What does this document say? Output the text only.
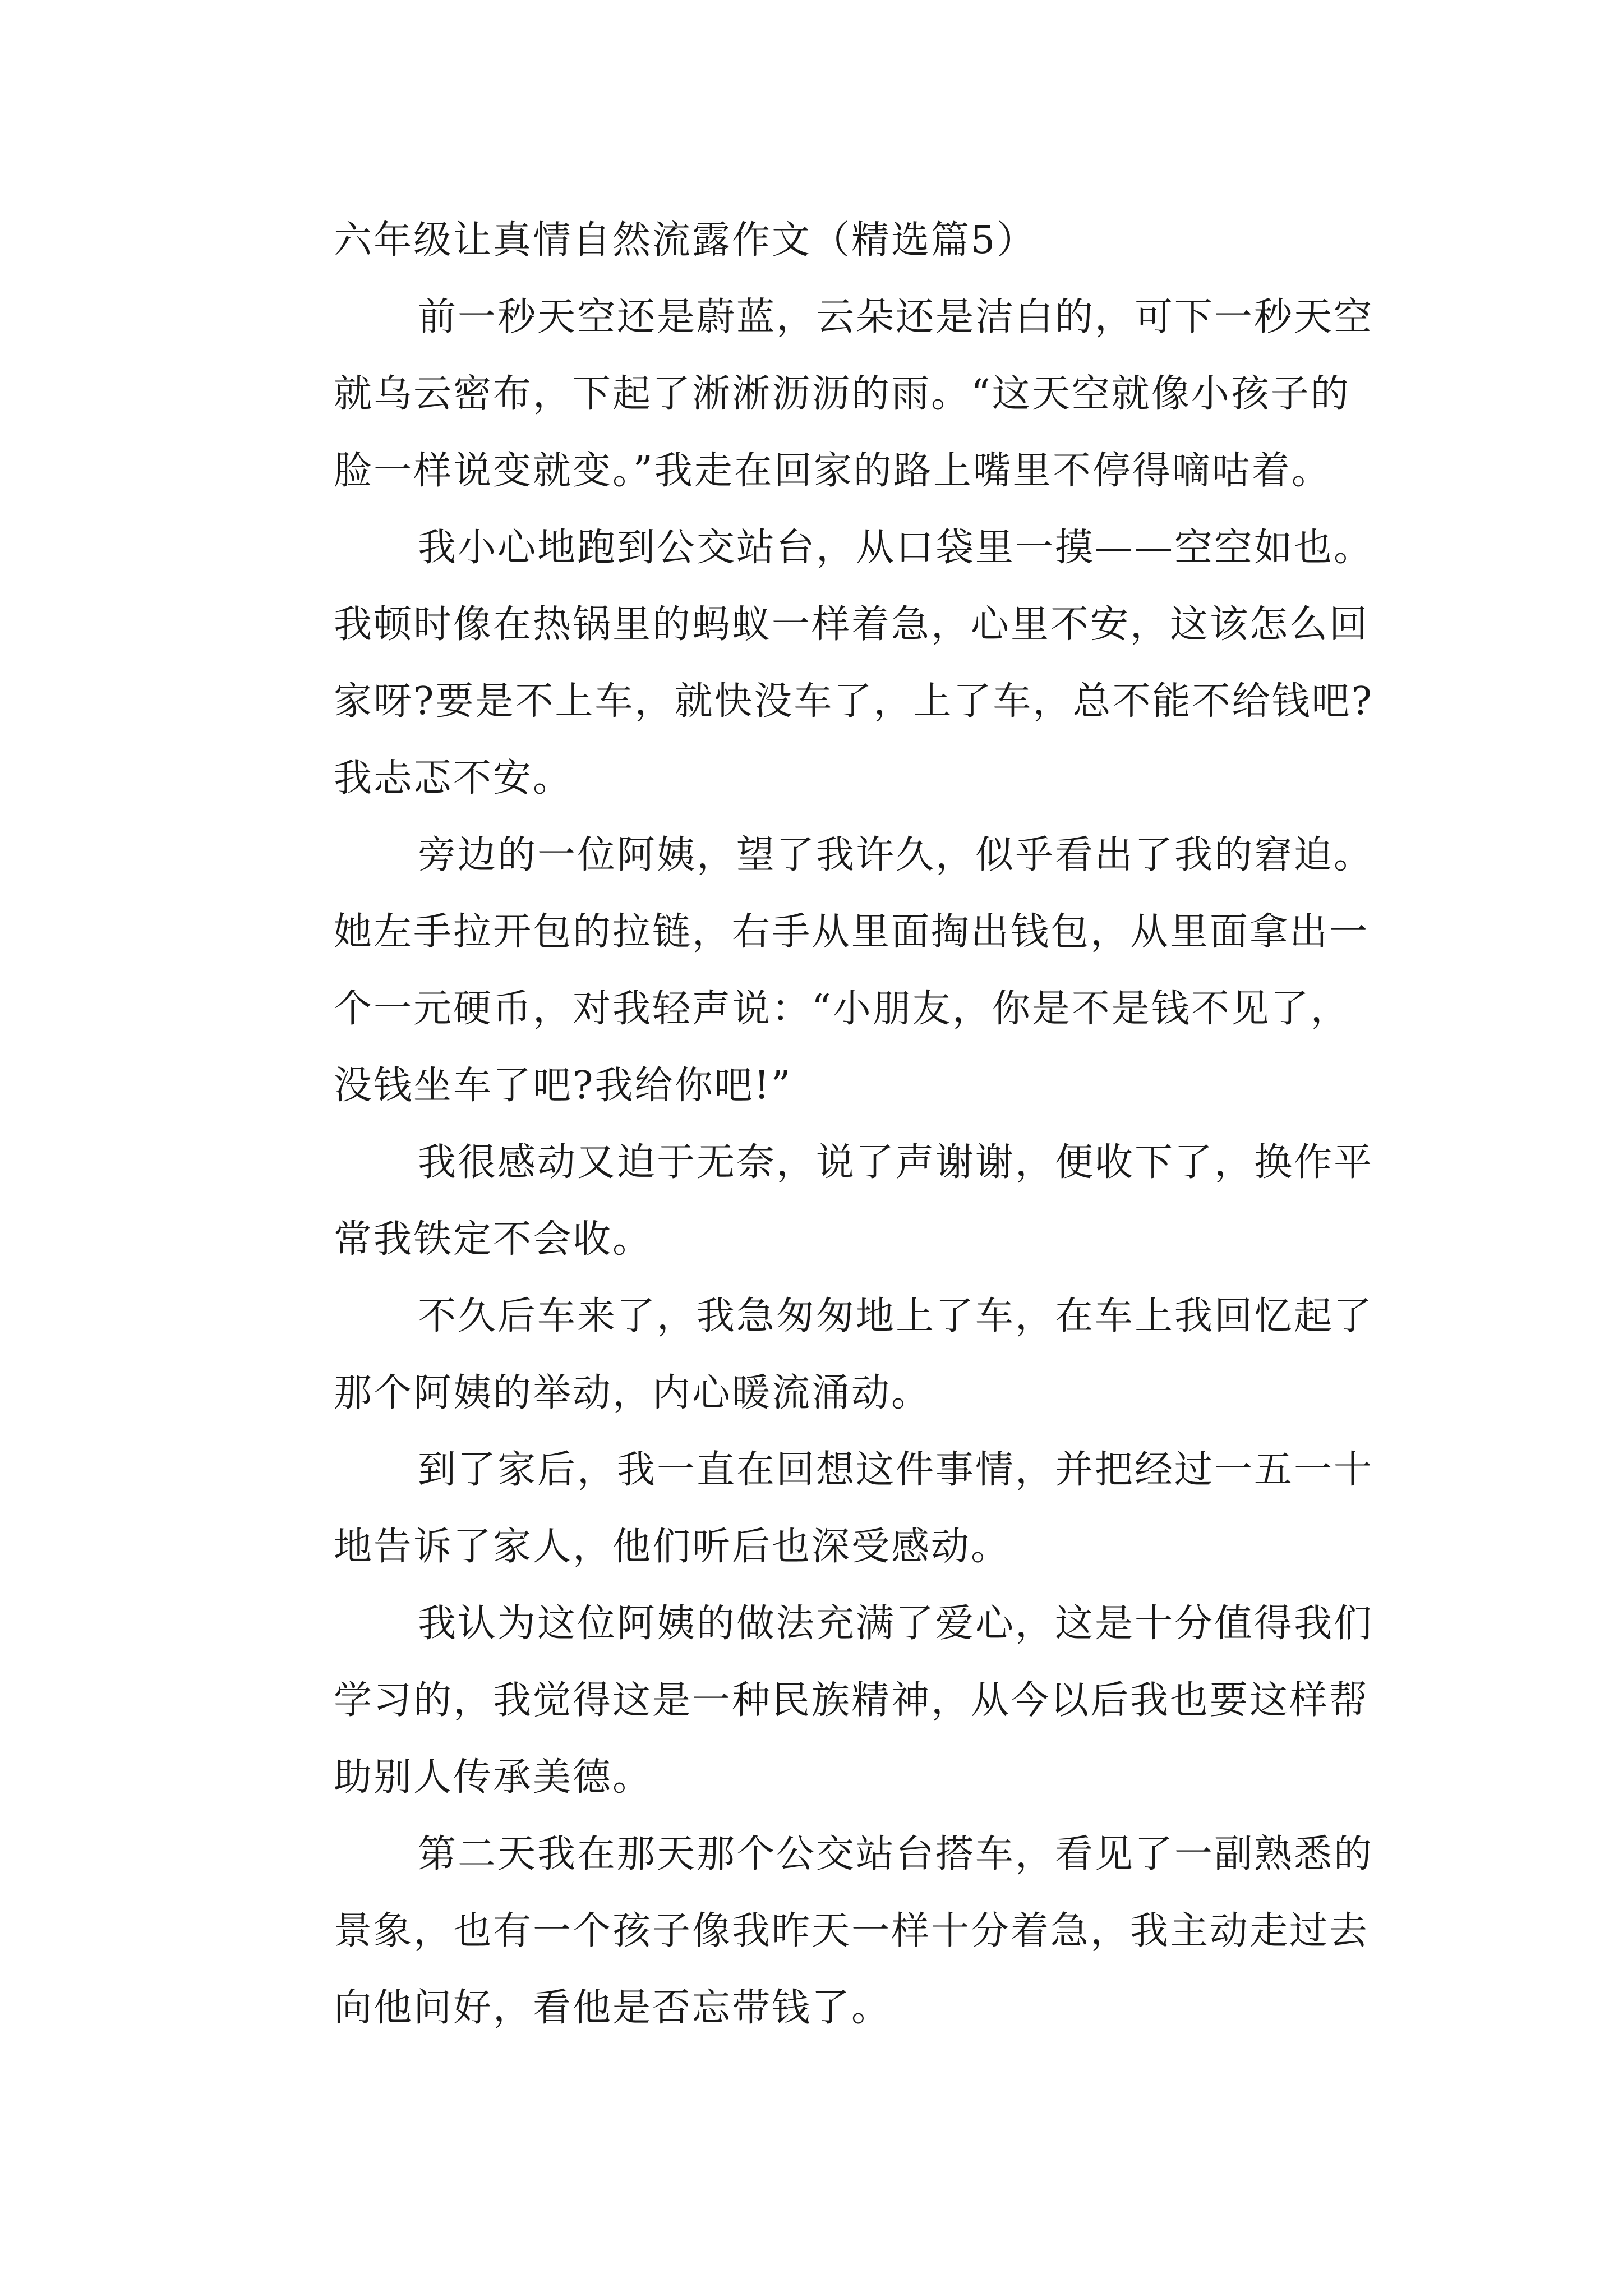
六年级让真情自然流露作文（精选篇5）
前一秒天空还是蔚蓝，云朵还是洁白的，可下一秒天空
就乌云密布，下起了淅淅沥沥的雨。“这天空就像小孩子的
脸一样说变就变。”我走在回家的路上嘴里不停得嘀咕着。
我小心地跑到公交站台，从口袋里一摸——空空如也。
我顿时像在热锅里的蚂蚁一样着急，心里不安，这该怎么回
家呀?要是不上车，就快没车了，上了车，总不能不给钱吧?
我忐忑不安。
旁边的一位阿姨，望了我许久，似乎看出了我的窘迫。
她左手拉开包的拉链，右手从里面掏出钱包，从里面拿出一
个一元硬币，对我轻声说：“小朋友，你是不是钱不见了，
没钱坐车了吧?我给你吧!”
我很感动又迫于无奈，说了声谢谢，便收下了，换作平
常我铁定不会收。
不久后车来了，我急匆匆地上了车，在车上我回忆起了
那个阿姨的举动，内心暖流涌动。
到了家后，我一直在回想这件事情，并把经过一五一十
地告诉了家人，他们听后也深受感动。
我认为这位阿姨的做法充满了爱心，这是十分值得我们
学习的，我觉得这是一种民族精神，从今以后我也要这样帮
助别人传承美德。
第二天我在那天那个公交站台搭车，看见了一副熟悉的
景象，也有一个孩子像我昨天一样十分着急，我主动走过去
向他问好，看他是否忘带钱了。
